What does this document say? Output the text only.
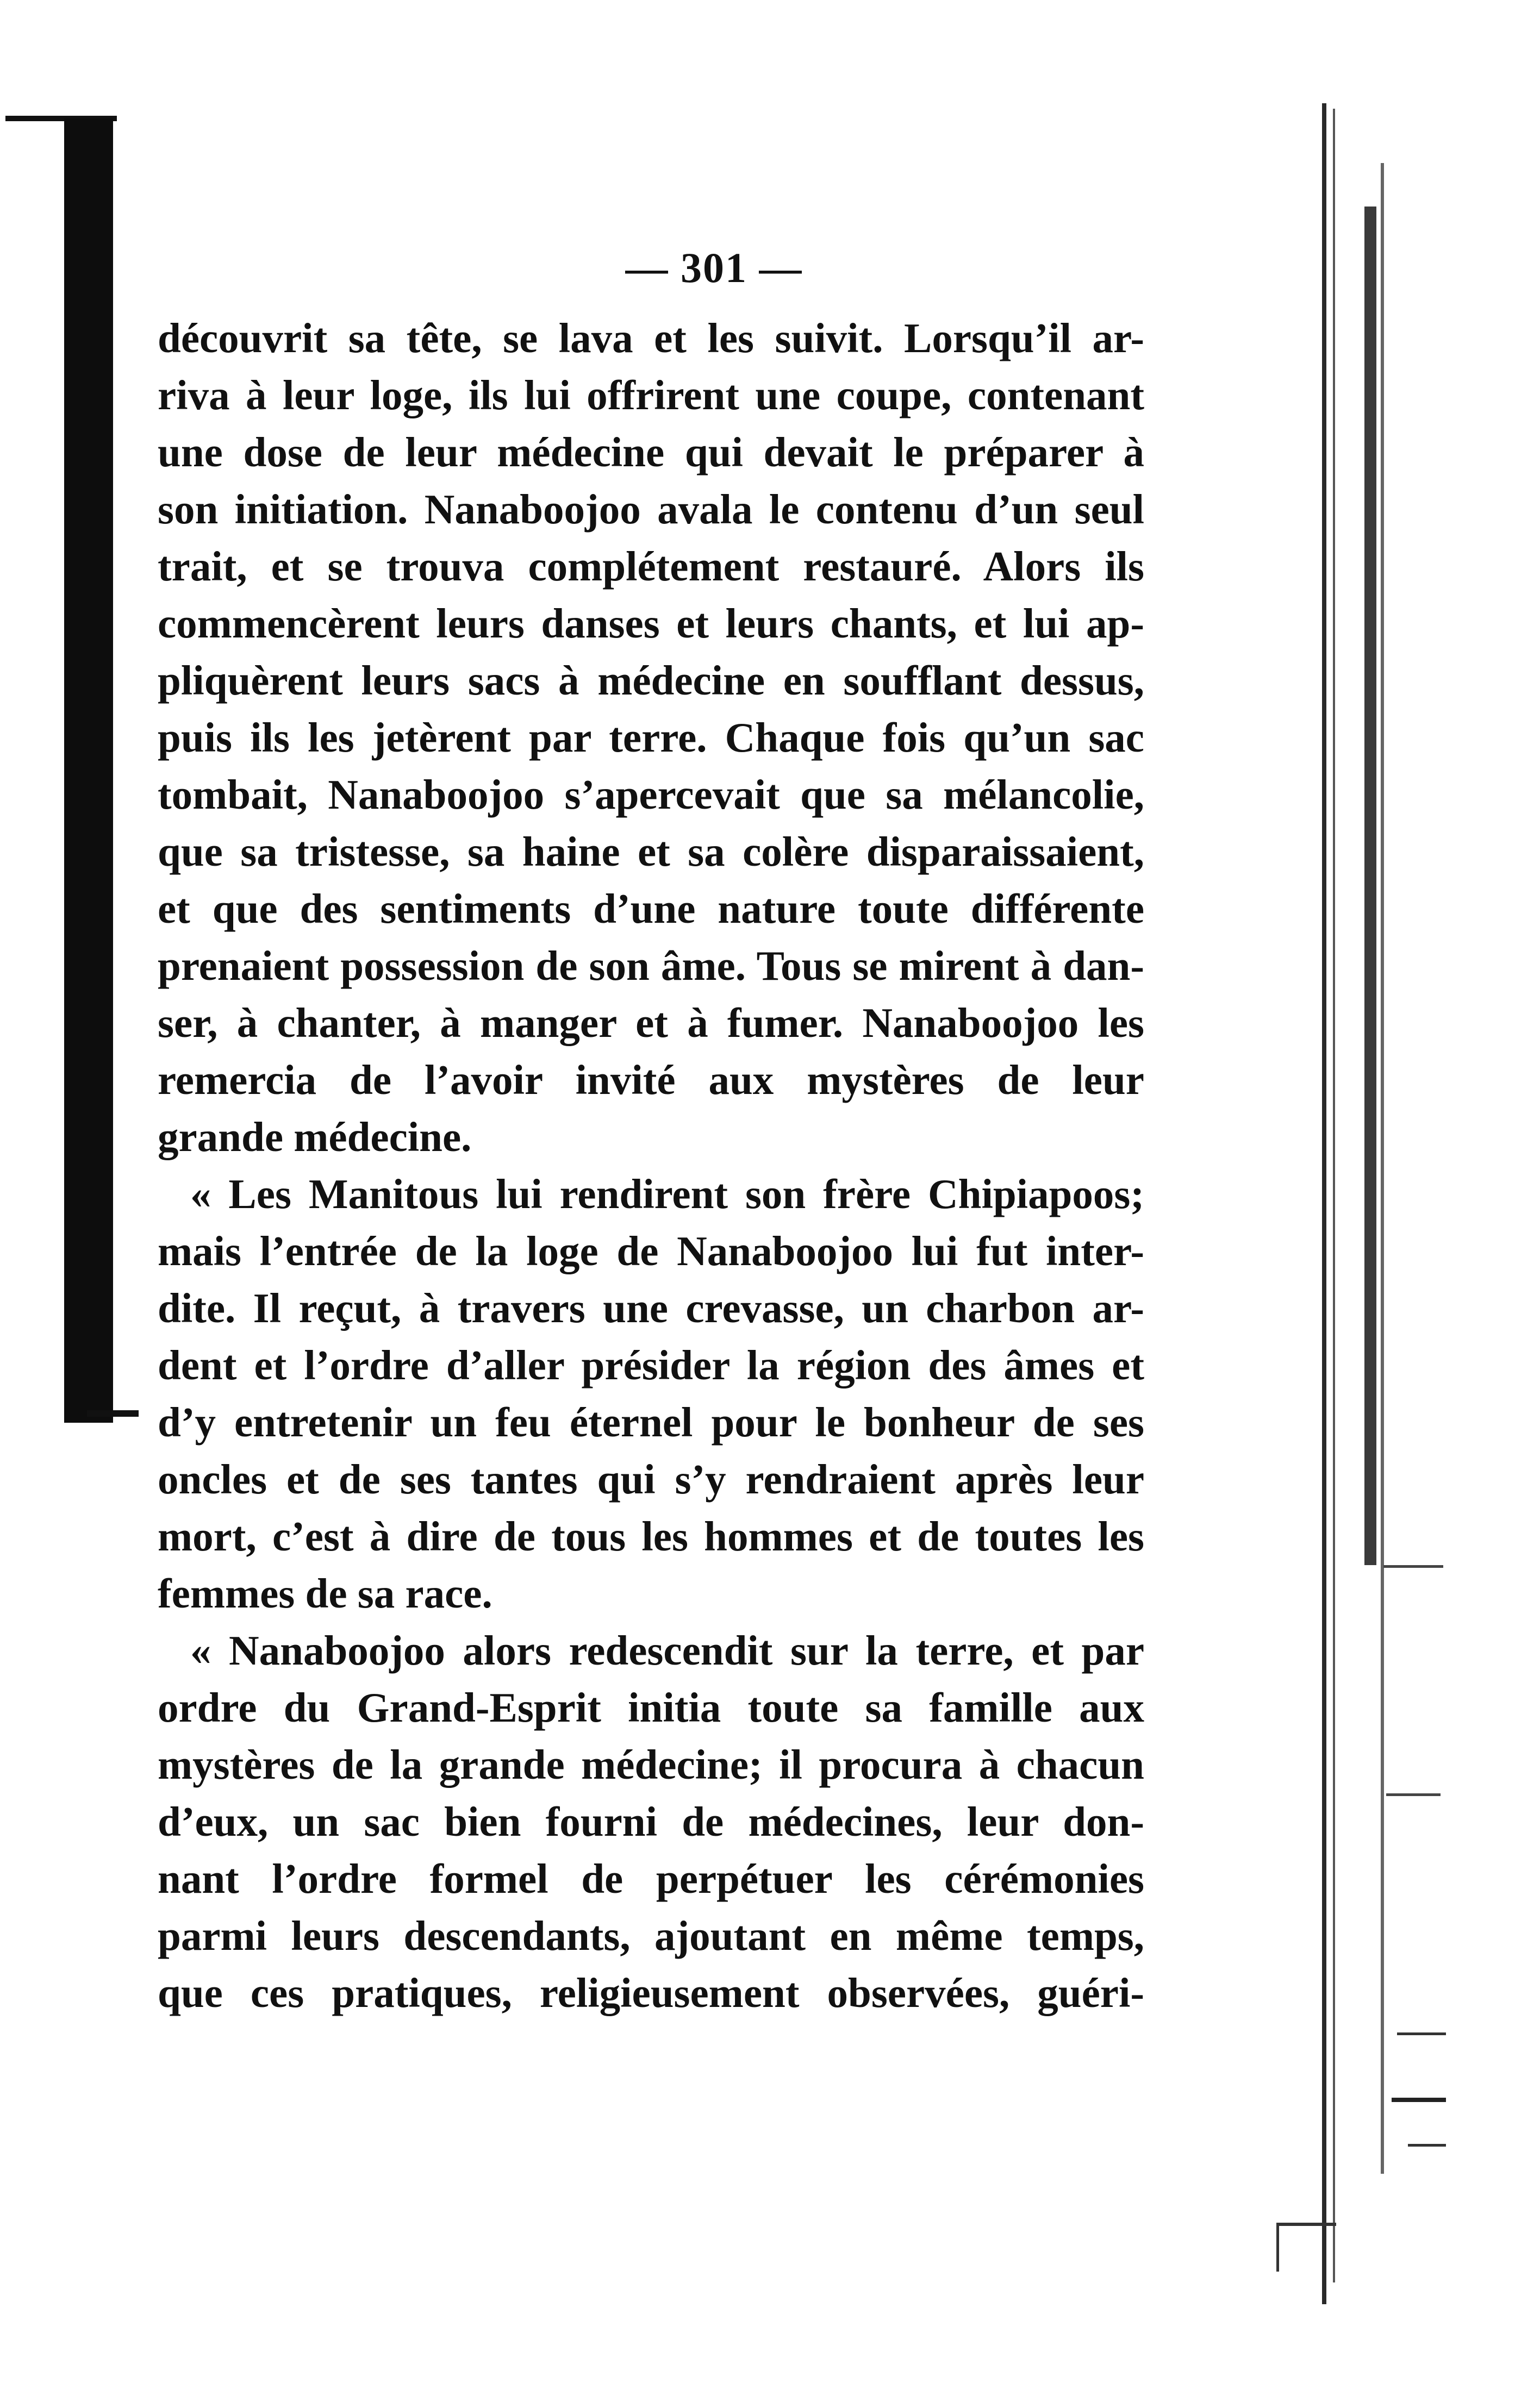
— 301 —
découvrit sa tête, se lava et les suivit. Lorsqu’il ar-
riva à leur loge, ils lui offrirent une coupe, contenant
une dose de leur médecine qui devait le préparer à
son initiation. Nanaboojoo avala le contenu d’un seul
trait, et se trouva complétement restauré. Alors ils
commencèrent leurs danses et leurs chants, et lui ap-
pliquèrent leurs sacs à médecine en soufflant dessus,
puis ils les jetèrent par terre. Chaque fois qu’un sac
tombait, Nanaboojoo s’apercevait que sa mélancolie,
que sa tristesse, sa haine et sa colère disparaissaient,
et que des sentiments d’une nature toute différente
prenaient possession de son âme. Tous se mirent à dan-
ser, à chanter, à manger et à fumer. Nanaboojoo les
remercia de l’avoir invité aux mystères de leur
grande médecine.
« Les Manitous lui rendirent son frère Chipiapoos;
mais l’entrée de la loge de Nanaboojoo lui fut inter-
dite. Il reçut, à travers une crevasse, un charbon ar-
dent et l’ordre d’aller présider la région des âmes et
d’y entretenir un feu éternel pour le bonheur de ses
oncles et de ses tantes qui s’y rendraient après leur
mort, c’est à dire de tous les hommes et de toutes les
femmes de sa race.
« Nanaboojoo alors redescendit sur la terre, et par
ordre du Grand-Esprit initia toute sa famille aux
mystères de la grande médecine; il procura à chacun
d’eux, un sac bien fourni de médecines, leur don-
nant l’ordre formel de perpétuer les cérémonies
parmi leurs descendants, ajoutant en même temps,
que ces pratiques, religieusement observées, guéri-
